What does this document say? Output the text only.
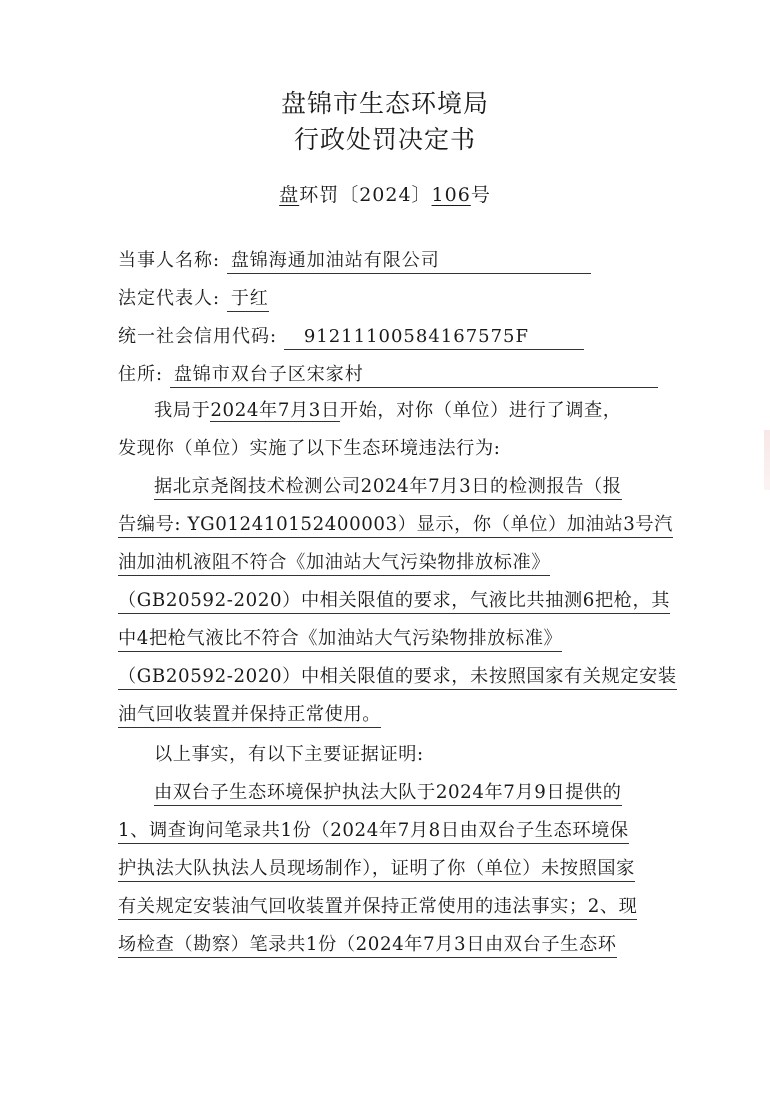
盘锦市生态环境局
行政处罚决定书
盘环罚〔2024〕106号
当事人名称: 盘锦海通加油站有限公司
法定代表人: 于红
统一社会信用代码: 91211100584167575F
住所: 盘锦市双台子区宋家村
我局于2024年7月3日开始，对你（单位）进行了调查，
发现你（单位）实施了以下生态环境违法行为:
据北京尧阁技术检测公司2024年7月3日的检测报告（报
告编号: YG012410152400003）显示，你（单位）加油站3号汽
油加油机液阻不符合《加油站大气污染物排放标准》
（GB20592-2020）中相关限值的要求，气液比共抽测6把枪，其
中4把枪气液比不符合《加油站大气污染物排放标准》
（GB20592-2020）中相关限值的要求，未按照国家有关规定安装
油气回收装置并保持正常使用。
以上事实，有以下主要证据证明:
由双台子生态环境保护执法大队于2024年7月9日提供的
1、调查询问笔录共1份（2024年7月8日由双台子生态环境保
护执法大队执法人员现场制作），证明了你（单位）未按照国家
有关规定安装油气回收装置并保持正常使用的违法事实；2、现
场检查（勘察）笔录共1份（2024年7月3日由双台子生态环
